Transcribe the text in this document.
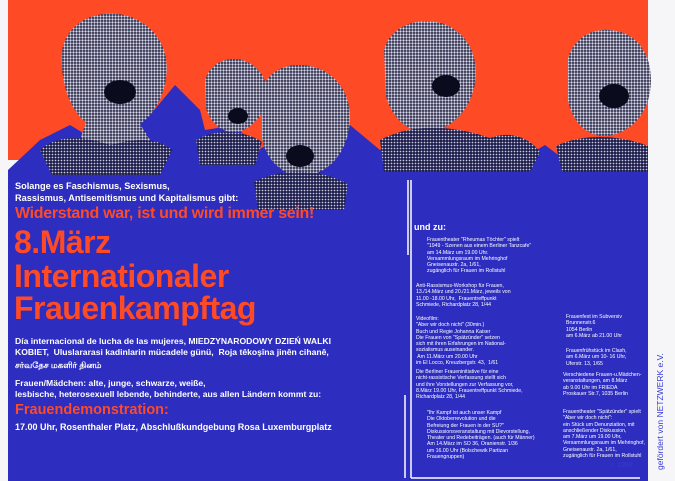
Solange es Faschismus, Sexismus,
Rassismus, Antisemitismus und Kapitalismus gibt:

Widerstand war, ist und wird immer sein!

8.März

Internationaler

Frauenkampftag

Día internacional de lucha de las mujeres, MIEDZYNARODOWY DZIEŃ WALKI
KOBIET,  Uluslararasi kadinlarin mücadele günü,  Roja têkoşîna jinên cihanê,

சர்வதேச மகளிர் தினம்

Frauen/Mädchen: alte, junge, schwarze, weiße,
lesbische, heterosexuell lebende, behinderte, aus allen Ländern kommt zu:

Frauendemonstration:

17.00 Uhr, Rosenthaler Platz, Abschlußkundgebung Rosa Luxemburgplatz

und zu:

Frauentheater "Rheumas Töchter" spielt
"1949 - Szenen aus einem Berliner Tanzcafe"
am 14.März um 19.00 Uhr.
Versammlungsraum im Mehringhof
Gneisenaustr. 2a, 1/61,
zugänglich für Frauen im Rollstuhl

Anti-Rassismus-Workshop für Frauen,
13./14.März und 20./21.März, jeweils von
11.00 -18.00 Uhr,  Frauentreffpunkt
Schmiede, Richardplatz 28, 1/44

Videofilm:
"Aber wir doch nicht" (30min.)
Buch und Regie Johanna Kaiser
Die Frauen von "Spätzünder" setzen
sich mit ihren Erfahrungen im National-
sozialismus auseinander.
Am 11.März um 20.00 Uhr
im El Locco, Kreuzbergstr. 43,  1/61

Die Berliner Fraueninitiative für eine
nicht-rassistische Verfassung stellt sich
und ihre Vorstellungen zur Verfassung vor,
8.März 19.00 Uhr, Frauentreffpunkt Schmiede,
Richardplatz 28, 1/44

"Ihr Kampf ist auch unser Kampf
Die Oktoberrevolution und die
Befreiung der Frauen in der SU?"
Diskussionsveranstaltung mit Dievorstellung,
Theater und Redebeiträgen. (auch für Männer)
Am 14.März im SO 36, Oranienstr. 1/36
um 16.00 Uhr (Bolschewik Partizan
Frauengruppen)

Frauenfest im Subversiv
Brunnenstr.6
1054 Berlin
am 6.März ab 21.00 Uhr

Frauenfrühstück im Clash,
am 6.März um 10- 16 Uhr,
Uferstr. 13, 1/65

Verschiedene Frauen-u.Mädchen-
veranstaltungen, am 8.März
ab 9.00 Uhr im FRIEDA
Proskauer Str.7, 1035 Berlin

Frauentheater "Spätzünder" spielt
"Aber wir doch nicht":
ein Stück um Denunziation, mit
anschließender Diskussion,
am 7.März um 19.00 Uhr,
Versammlungsraum im Mehringhof,
Gneisenaustr. 2a, 1/61,
zugänglich für Frauen im Rollstuhl	gefördert von NETZWERK e.V.
♀ 1993
